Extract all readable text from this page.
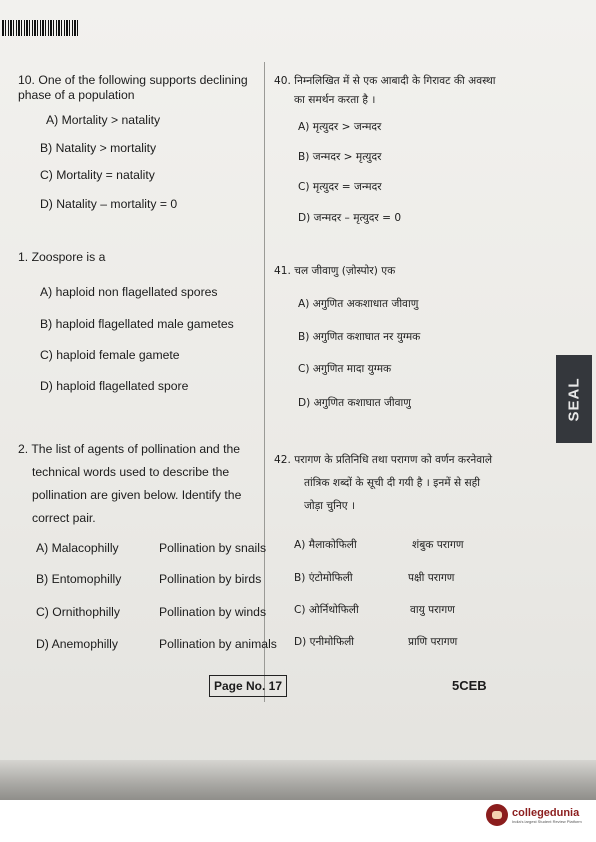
10. One of the following supports declining
phase of a population
A) Mortality > natality
B) Natality > mortality
C) Mortality = natality
D) Natality – mortality = 0
1. Zoospore is a
A) haploid non flagellated spores
B) haploid flagellated male gametes
C) haploid female gamete
D) haploid flagellated spore
2. The list of agents of pollination and the
technical words used to describe the
pollination are given below. Identify the
correct pair.
A) Malacophilly	Pollination by snails
B) Entomophilly	Pollination by birds
C) Ornithophilly	Pollination by winds
D) Anemophilly	Pollination by animals
40. निम्नलिखित में से एक आबादी के गिरावट की अवस्था
का समर्थन करता है ।
A) मृत्युदर > जन्मदर
B) जन्मदर > मृत्युदर
C) मृत्युदर = जन्मदर
D) जन्मदर – मृत्युदर = 0
41. चल जीवाणु (ज़ोस्पोर) एक
A) अगुणित अकशाधात जीवाणु
B) अगुणित कशाघात नर युग्मक
C) अगुणित मादा युग्मक
D) अगुणित कशाघात जीवाणु
42. परागण के प्रतिनिधि तथा परागण को वर्णन करनेवाले
तांत्रिक शब्दों के सूची दी गयी है । इनमें से सही
जोड़ा चुनिए ।
A) मैलाकोफिली	शंबुक परागण
B) एंटोमोफिली	पक्षी परागण
C) ओर्निथोफिली	वायु परागण
D) एनीमोफिली	प्राणि परागण
Page No. 17	5CEB
SEAL
collegedunia
India's largest Student Review Platform
